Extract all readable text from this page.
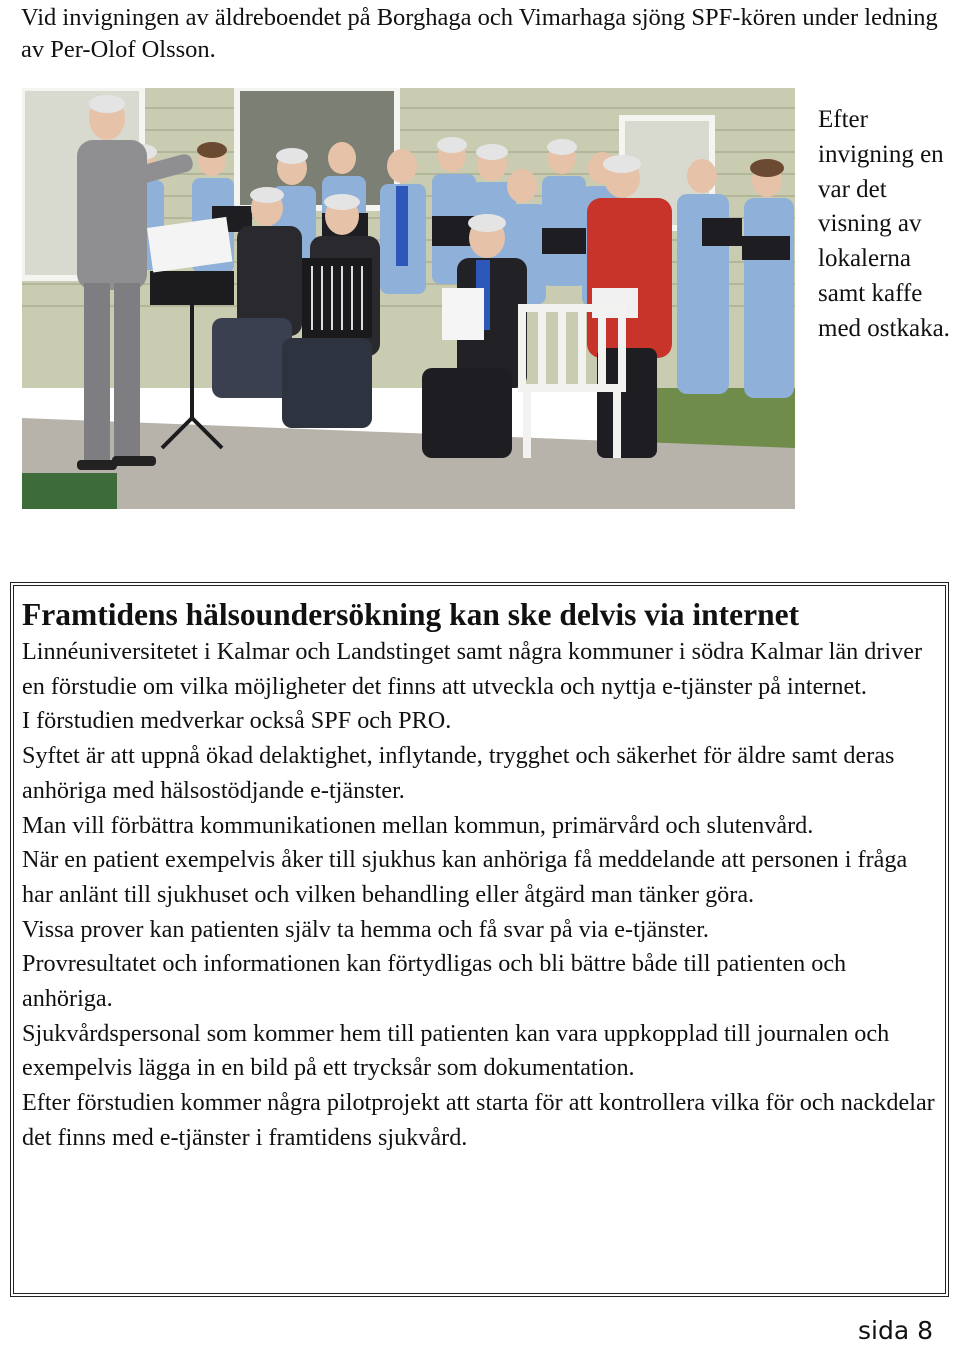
Vid invigningen av äldreboendet på Borghaga och Vimarhaga sjöng SPF-kören under ledning av Per-Olof Olsson.
Efter invigning en var det visning av lokalerna samt kaffe med ostkaka.
Framtidens hälsoundersökning kan ske delvis via internet

Linnéuniversitetet i Kalmar och Landstinget samt några kommuner i södra Kalmar län driver en förstudie om vilka möjligheter det finns att utveckla och nyttja e-tjänster på internet.

I förstudien medverkar också SPF och PRO.

Syftet är att uppnå ökad delaktighet, inflytande, trygghet och säkerhet för äldre samt deras anhöriga med hälsostödjande e-tjänster.

Man vill förbättra kommunikationen mellan kommun, primärvård och slutenvård.

När en patient exempelvis åker till sjukhus kan anhöriga få meddelande att personen i fråga har anlänt till sjukhuset och vilken behandling eller åtgärd man tänker göra.

Vissa prover kan patienten själv ta hemma och få svar på via e-tjänster.

Provresultatet och informationen kan förtydligas och bli bättre både till patienten och anhöriga.

Sjukvårdspersonal som kommer hem till patienten kan vara uppkopplad till journalen och exempelvis lägga in en bild på ett trycksår som dokumentation.

Efter förstudien kommer några pilotprojekt att starta för att kontrollera vilka för och nackdelar det finns med e-tjänster i framtidens sjukvård.

sida 8
